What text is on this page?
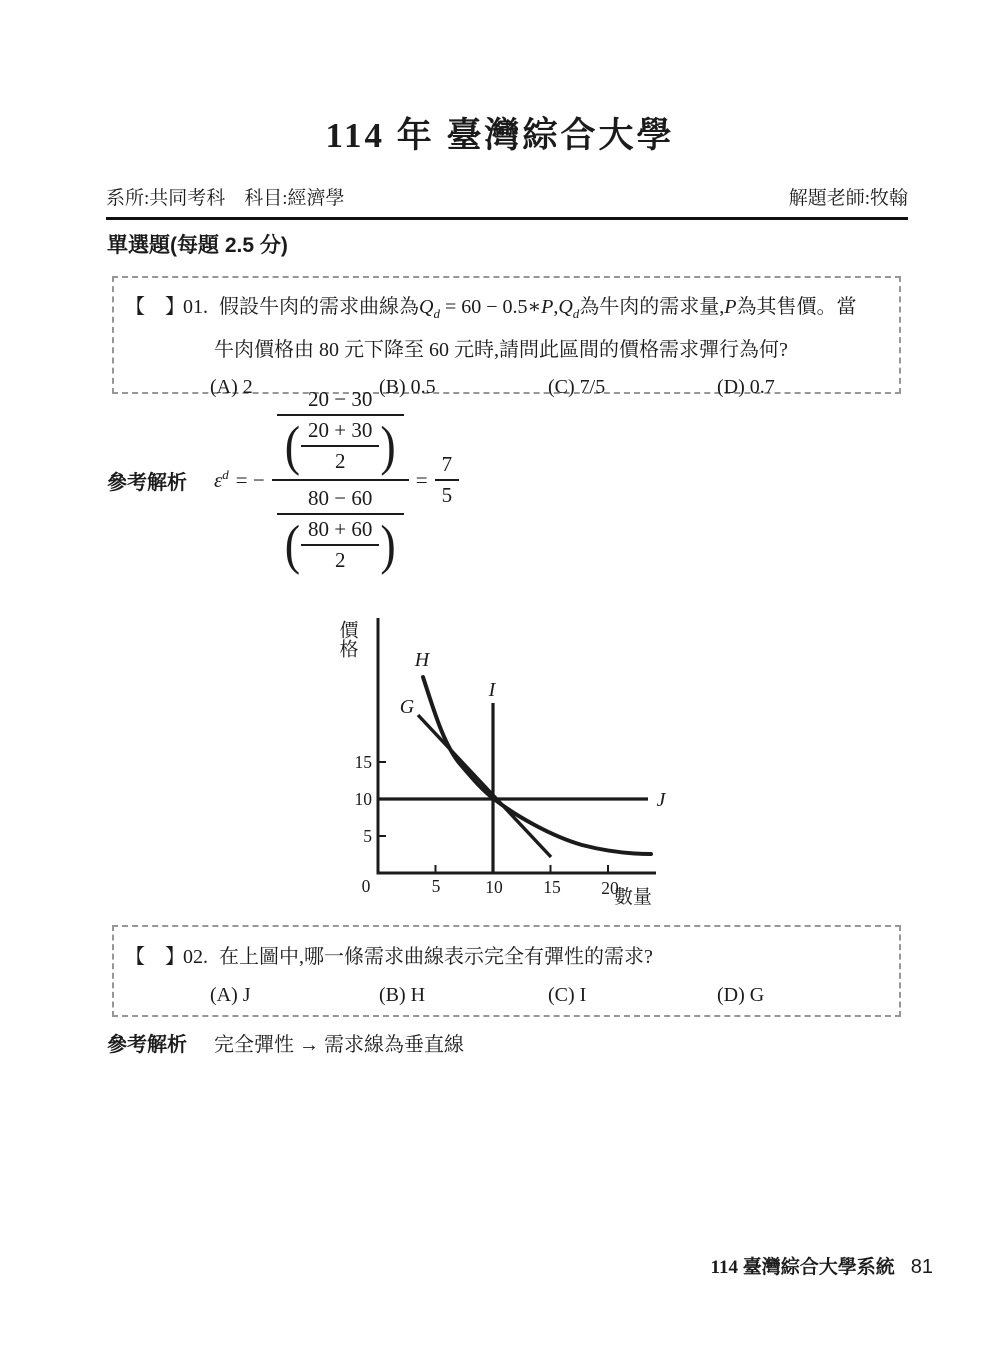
114 年 臺灣綜合大學
系所:共同考科　科目:經濟學	解題老師:牧翰
單選題(每題 2.5 分)
【　】01. 假設牛肉的需求曲線為$Q_d = 60$ − $0.5∗P,Q_d$為牛肉的需求量,P為其售價。當
牛肉價格由 80 元下降至 60 元時,請問此區間的價格需求彈行為何?
(A) 2	(B) 0.5	(C) 7/5	(D) 0.7
參考解析 $\varepsilon^d$ = −
20 − 30
( $\frac{20 + 30}{2}$ )
80 − 60
( $\frac{80 + 60}{2}$ )
= $\frac{7}{5}$
H
G
I
J
0	5	10 15 20
15
10
5
價格
數量
【　】02. 在上圖中,哪一條需求曲線表示完全有彈性的需求?
(A) J	(B) H	(C) I	(D) G
參考解析 完全彈性 → 需求線為垂直線
114 臺灣綜合大學系統 81
